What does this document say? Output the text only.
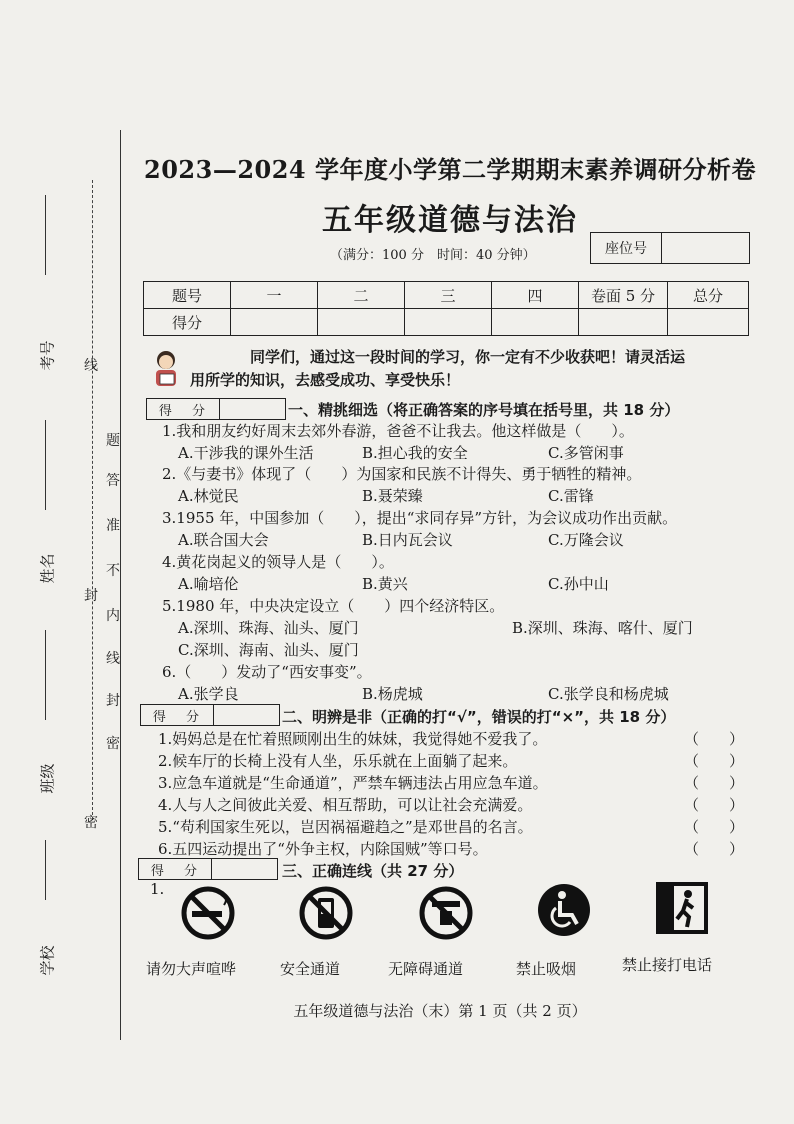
考号
姓名
班级
学校
线
封
密
题
答
准
不
内
线
封
密
2023—2024 学年度小学第二学期期末素养调研分析卷
五年级道德与法治
（满分：100 分　时间：40 分钟）	座位号
题号	一	二	三	四	卷面 5 分	总分
得分						
同学们，通过这一段时间的学习，你一定有不少收获吧！请灵活运
用所学的知识，去感受成功、享受快乐！
得 分	一、精挑细选（将正确答案的序号填在括号里，共 18 分）
1.我和朋友约好周末去郊外春游，爸爸不让我去。他这样做是（　　）。
A.干涉我的课外生活	B.担心我的安全	C.多管闲事
2.《与妻书》体现了（　　）为国家和民族不计得失、勇于牺牲的精神。
A.林觉民	B.聂荣臻	C.雷锋
3.1955 年，中国参加（　　），提出“求同存异”方针，为会议成功作出贡献。
A.联合国大会	B.日内瓦会议	C.万隆会议
4.黄花岗起义的领导人是（　　）。
A.喻培伦	B.黄兴	C.孙中山
5.1980 年，中央决定设立（　　）四个经济特区。
A.深圳、珠海、汕头、厦门	B.深圳、珠海、喀什、厦门
C.深圳、海南、汕头、厦门
6.（　　）发动了“西安事变”。
A.张学良	B.杨虎城	C.张学良和杨虎城
得 分	二、明辨是非（正确的打“√”，错误的打“×”，共 18 分）
1.妈妈总是在忙着照顾刚出生的妹妹，我觉得她不爱我了。	（　　）
2.候车厅的长椅上没有人坐，乐乐就在上面躺了起来。	（　　）
3.应急车道就是“生命通道”，严禁车辆违法占用应急车道。	（　　）
4.人与人之间彼此关爱、相互帮助，可以让社会充满爱。	（　　）
5.“苟利国家生死以，岂因祸福避趋之”是邓世昌的名言。	（　　）
6.五四运动提出了“外争主权，内除国贼”等口号。	（　　）
得 分	三、正确连线（共 27 分）
1.
请勿大声喧哗	安全通道	无障碍通道	禁止吸烟	禁止接打电话
五年级道德与法治（末）第 1 页（共 2 页）
